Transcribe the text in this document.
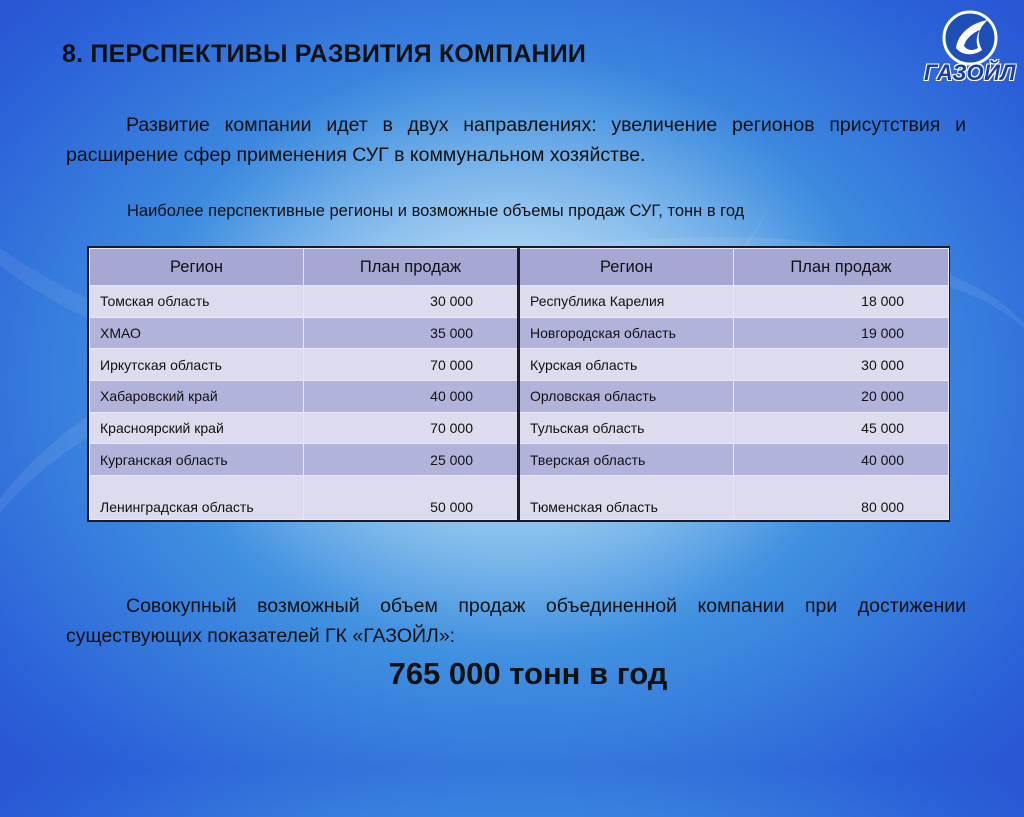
8. ПЕРСПЕКТИВЫ РАЗВИТИЯ КОМПАНИИ
ГАЗОЙЛ

Развитие компании идет в двух направлениях: увеличение регионов присутствия и расширение сфер применения СУГ в коммунальном хозяйстве.

Наиболее перспективные регионы и возможные объемы продаж СУГ, тонн в год

Регион	План продаж	Регион	План продаж
Томская область	30 000	Республика Карелия	18 000
ХМАО	35 000	Новгородская область	19 000
Иркутская область	70 000	Курская область	30 000
Хабаровский край	40 000	Орловская область	20 000
Красноярский край	70 000	Тульская область	45 000
Курганская область	25 000	Тверская область	40 000
Ленинградская область	50 000	Тюменская область	80 000

Совокупный возможный объем продаж объединенной компании при достижении существующих показателей ГК «ГАЗОЙЛ»:

765 000 тонн в год
